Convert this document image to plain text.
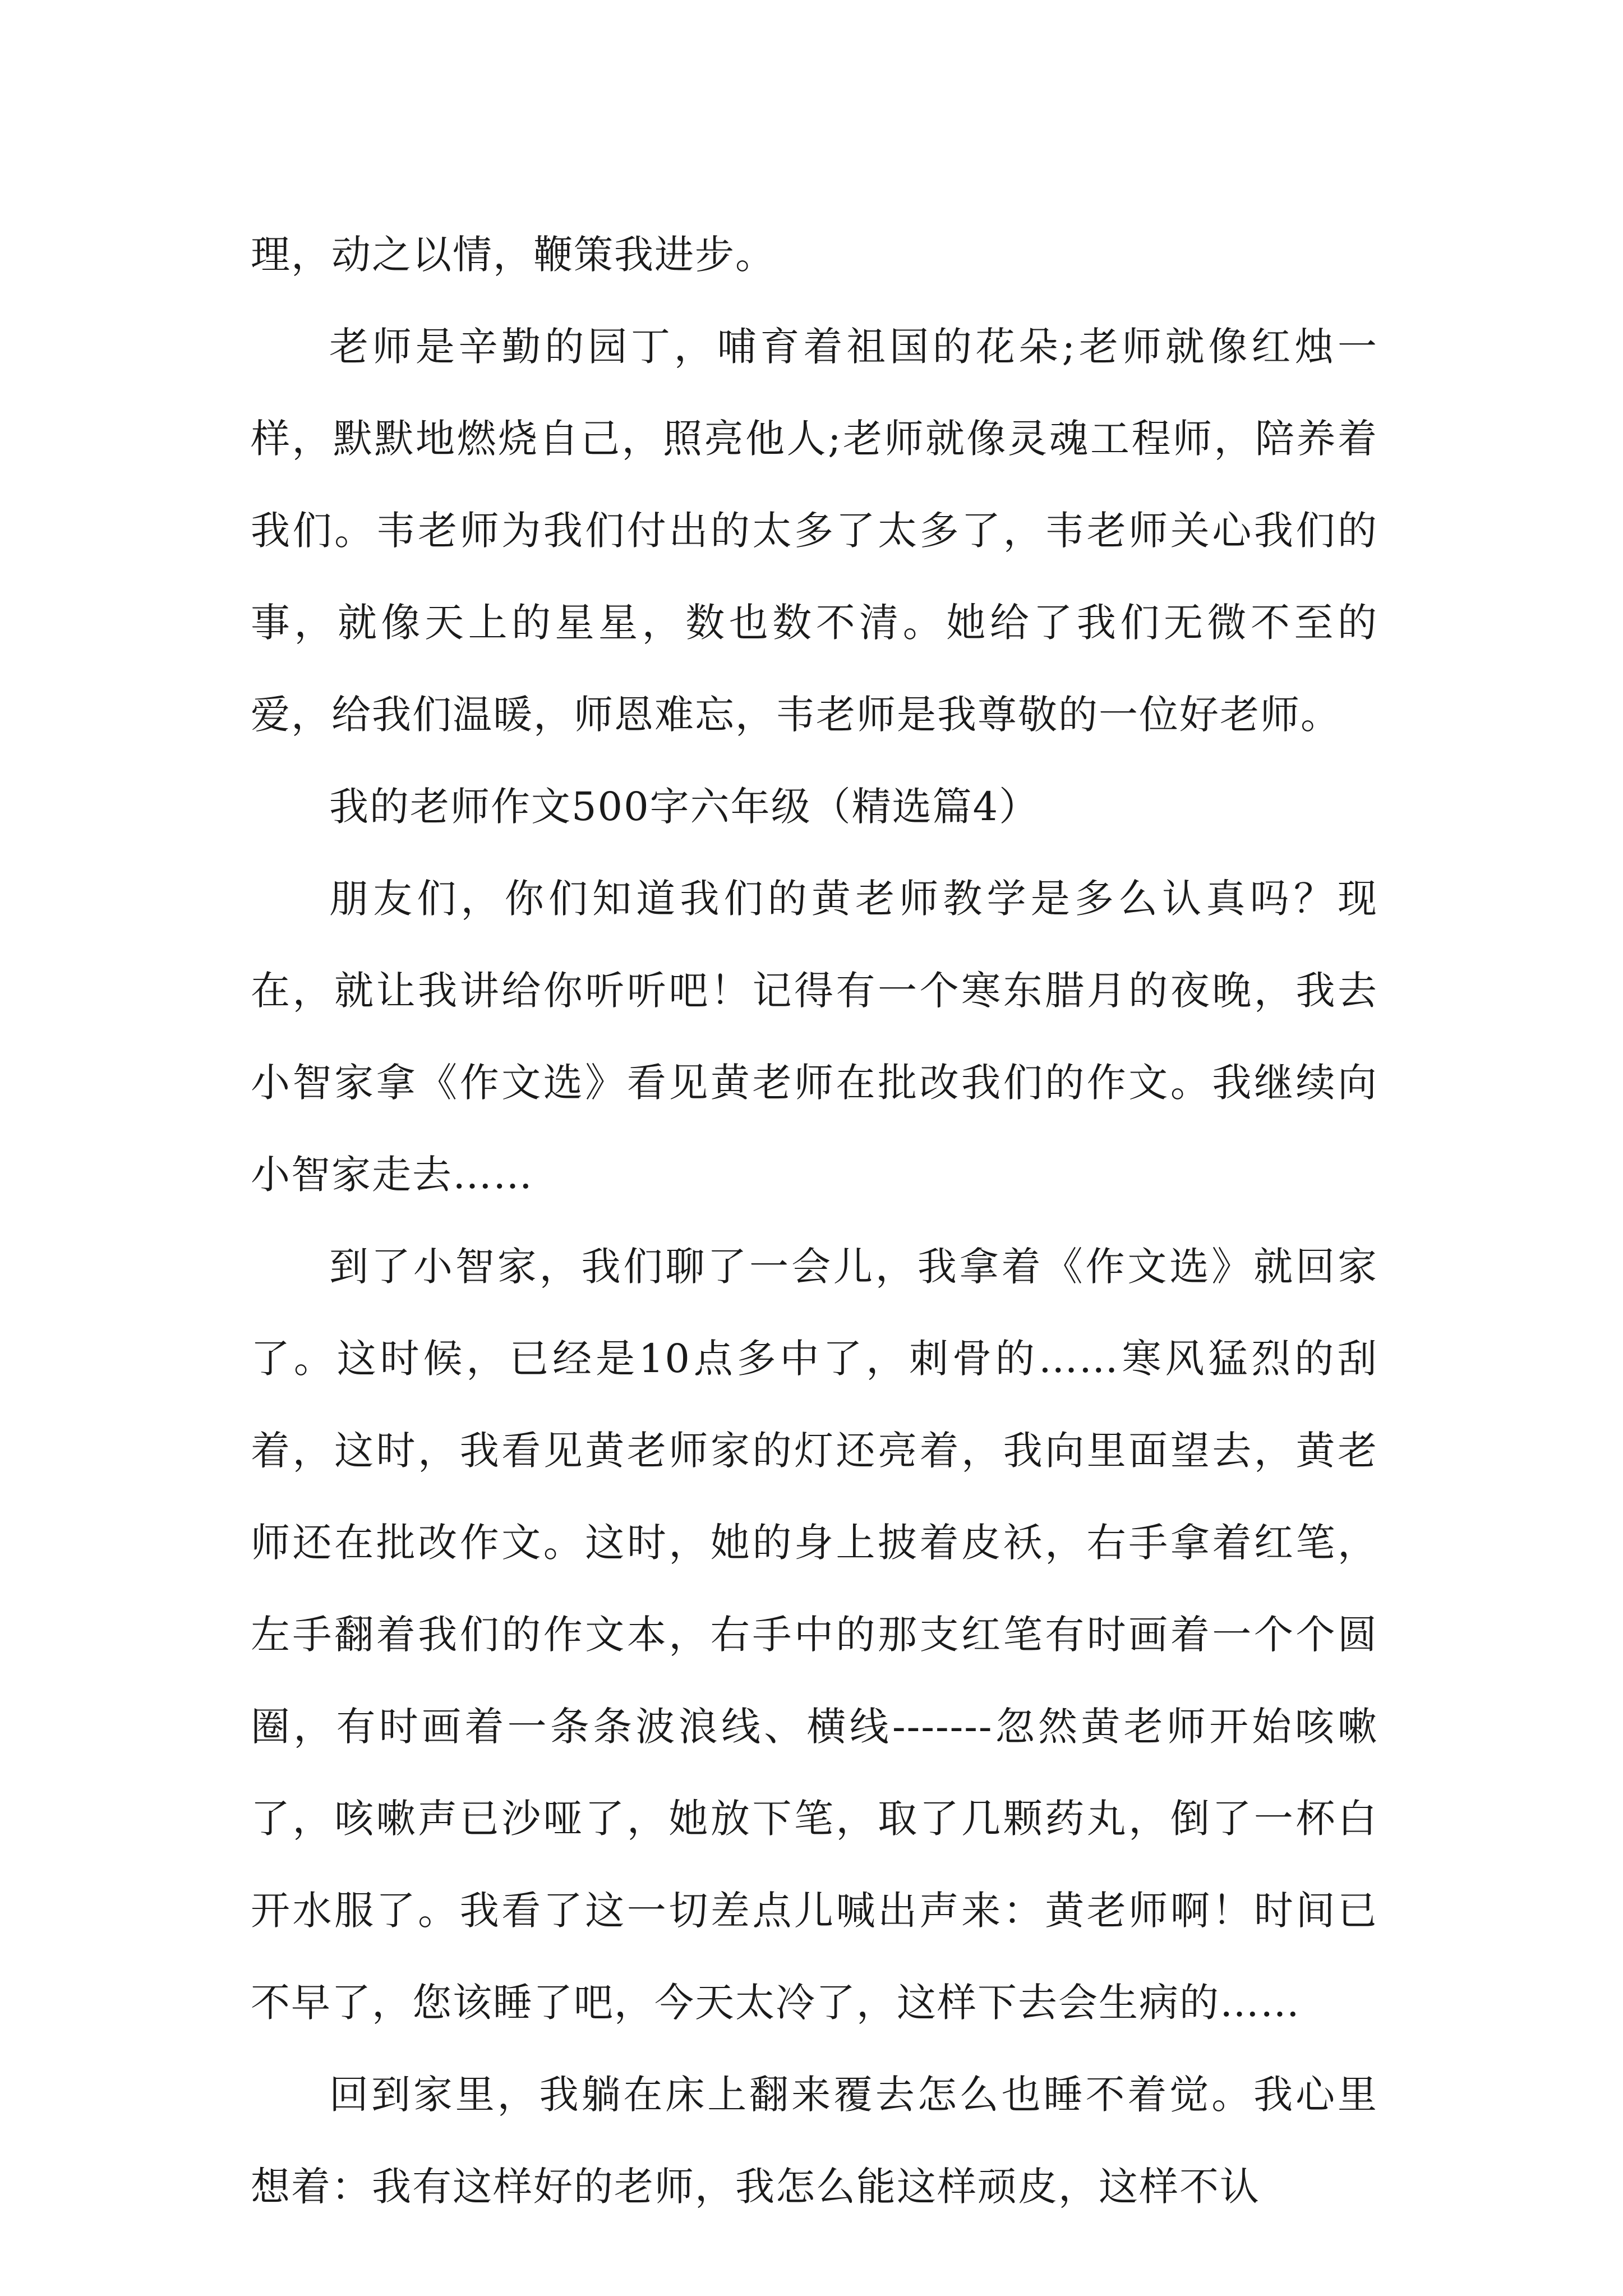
理，动之以情，鞭策我进步。

老师是辛勤的园丁，哺育着祖国的花朵;老师就像红烛一样，默默地燃烧自己，照亮他人;老师就像灵魂工程师，陪养着我们。韦老师为我们付出的太多了太多了，韦老师关心我们的事，就像天上的星星，数也数不清。她给了我们无微不至的爱，给我们温暖，师恩难忘，韦老师是我尊敬的一位好老师。

我的老师作文500字六年级（精选篇4）

朋友们，你们知道我们的黄老师教学是多么认真吗？现在，就让我讲给你听听吧！记得有一个寒东腊月的夜晚，我去小智家拿《作文选》看见黄老师在批改我们的作文。我继续向小智家走去……

到了小智家，我们聊了一会儿，我拿着《作文选》就回家了。这时候，已经是10点多中了，刺骨的……寒风猛烈的刮着，这时，我看见黄老师家的灯还亮着，我向里面望去，黄老师还在批改作文。这时，她的身上披着皮袄，右手拿着红笔，左手翻着我们的作文本，右手中的那支红笔有时画着一个个圆圈，有时画着一条条波浪线、横线-------忽然黄老师开始咳嗽了，咳嗽声已沙哑了，她放下笔，取了几颗药丸，倒了一杯白开水服了。我看了这一切差点儿喊出声来：黄老师啊！时间已不早了，您该睡了吧，今天太冷了，这样下去会生病的……

回到家里，我躺在床上翻来覆去怎么也睡不着觉。我心里想着：我有这样好的老师，我怎么能这样顽皮，这样不认
